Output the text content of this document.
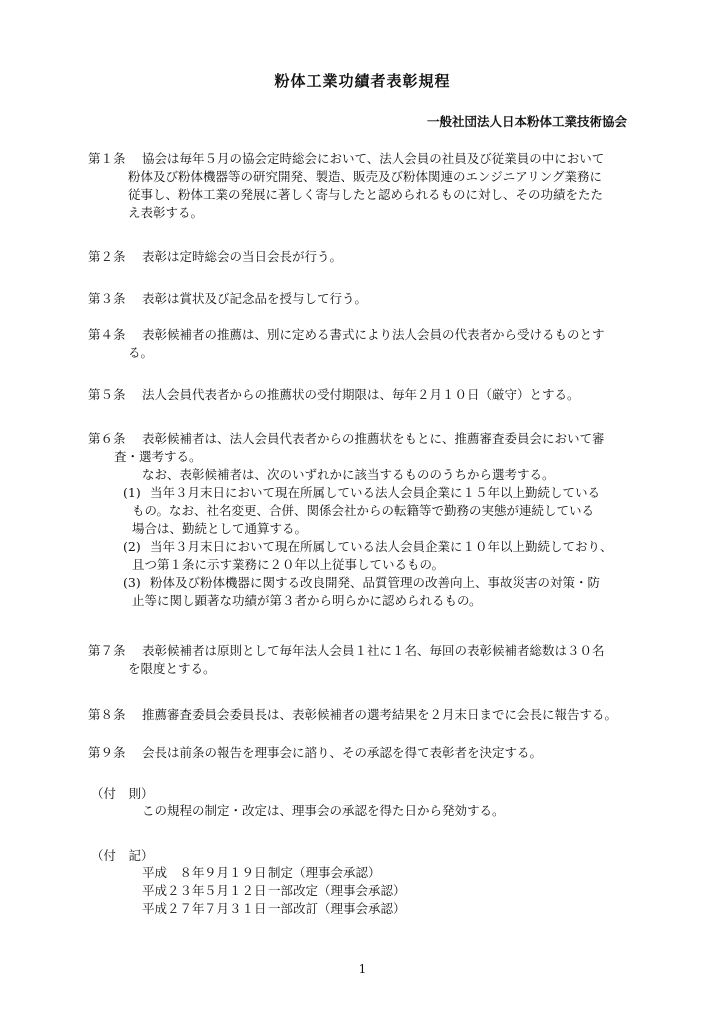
粉体工業功績者表彰規程
一般社団法人日本粉体工業技術協会
第１条 協会は毎年５月の協会定時総会において、法人会員の社員及び従業員の中において
粉体及び粉体機器等の研究開発、製造、販売及び粉体関連のエンジニアリング業務に
従事し、粉体工業の発展に著しく寄与したと認められるものに対し、その功績をたた
え表彰する。
第２条 表彰は定時総会の当日会長が行う。
第３条 表彰は賞状及び記念品を授与して行う。
第４条 表彰候補者の推薦は、別に定める書式により法人会員の代表者から受けるものとす
る。
第５条 法人会員代表者からの推薦状の受付期限は、毎年２月１０日（厳守）とする。
第６条 表彰候補者は、法人会員代表者からの推薦状をもとに、推薦審査委員会において審
査・選考する。
なお、表彰候補者は、次のいずれかに該当するもののうちから選考する。
(1) 当年３月末日において現在所属している法人会員企業に１５年以上勤続している
もの。なお、社名変更、合併、関係会社からの転籍等で勤務の実態が連続している
場合は、勤続として通算する。
(2) 当年３月末日において現在所属している法人会員企業に１０年以上勤続しており、
且つ第１条に示す業務に２０年以上従事しているもの。
(3) 粉体及び粉体機器に関する改良開発、品質管理の改善向上、事故災害の対策・防
止等に関し顕著な功績が第３者から明らかに認められるもの。
第７条 表彰候補者は原則として毎年法人会員１社に１名、毎回の表彰候補者総数は３０名
を限度とする。
第８条 推薦審査委員会委員長は、表彰候補者の選考結果を２月末日までに会長に報告する。
第９条 会長は前条の報告を理事会に諮り、その承認を得て表彰者を決定する。
（付　則）
この規程の制定・改定は、理事会の承認を得た日から発効する。
（付　記）
平成　８年 ９月１９日 制定（理事会承認）
平成２３年 ５月１２日 一部改定（理事会承認）
平成２７年 ７月３１日 一部改訂（理事会承認）
1
